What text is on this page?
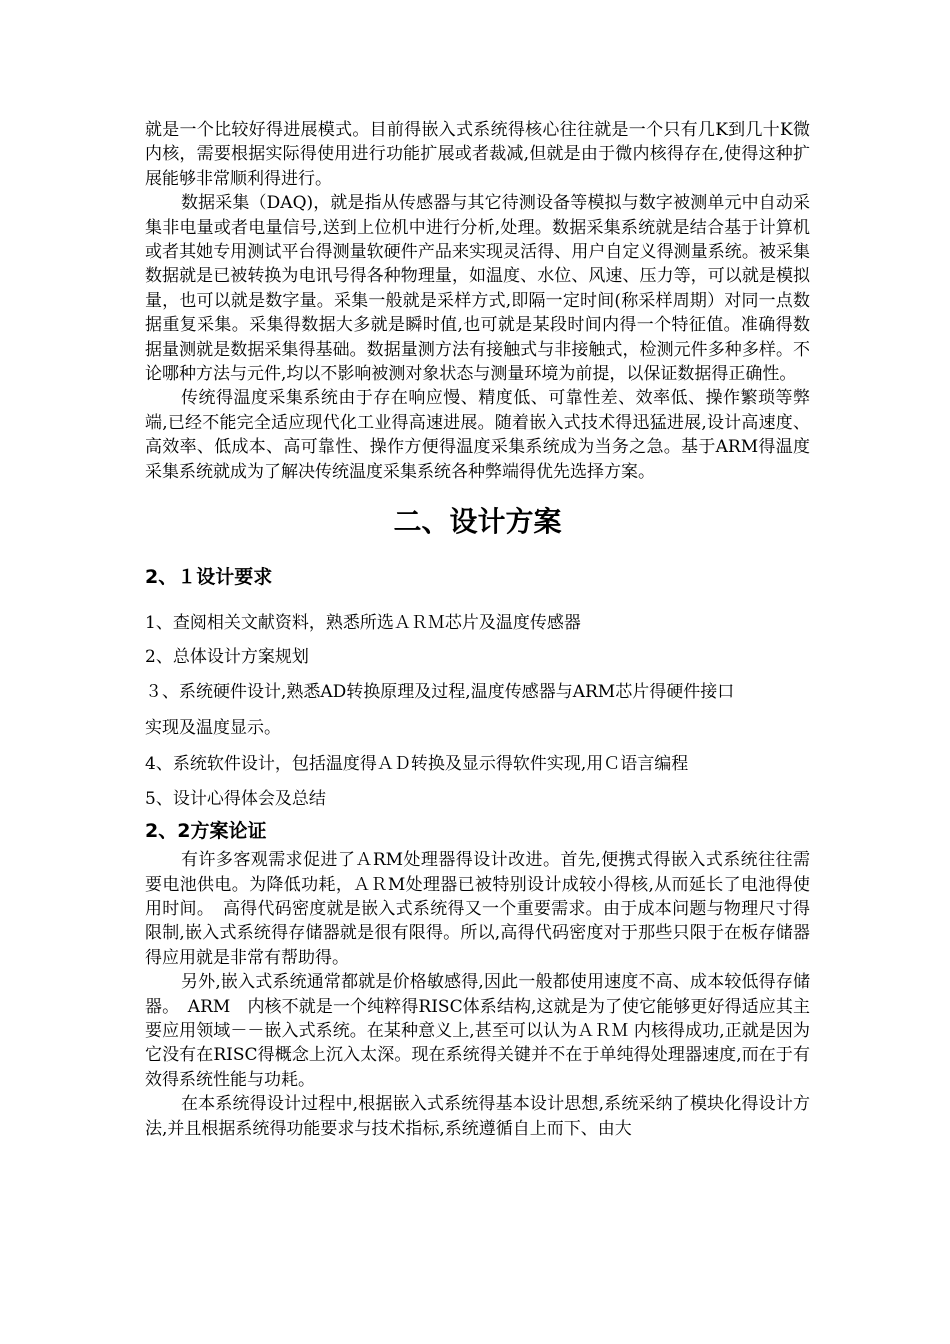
就是一个比较好得进展模式。目前得嵌入式系统得核心往往就是一个只有几K到几十K微内核，需要根据实际得使用进行功能扩展或者裁减,但就是由于微内核得存在,使得这种扩展能够非常顺利得进行。

数据采集（DAQ)，就是指从传感器与其它待测设备等模拟与数字被测单元中自动采集非电量或者电量信号,送到上位机中进行分析,处理。数据采集系统就是结合基于计算机或者其她专用测试平台得测量软硬件产品来实现灵活得、用户自定义得测量系统。被采集数据就是已被转换为电讯号得各种物理量，如温度、水位、风速、压力等，可以就是模拟量，也可以就是数字量。采集一般就是采样方式,即隔一定时间(称采样周期）对同一点数据重复采集。采集得数据大多就是瞬时值,也可就是某段时间内得一个特征值。准确得数据量测就是数据采集得基础。数据量测方法有接触式与非接触式，检测元件多种多样。不论哪种方法与元件,均以不影响被测对象状态与测量环境为前提，以保证数据得正确性。

传统得温度采集系统由于存在响应慢、精度低、可靠性差、效率低、操作繁琐等弊端,已经不能完全适应现代化工业得高速进展。随着嵌入式技术得迅猛进展,设计高速度、高效率、低成本、高可靠性、操作方便得温度采集系统成为当务之急。基于ARM得温度采集系统就成为了解决传统温度采集系统各种弊端得优先选择方案。

二、设计方案
2、１设计要求

1、查阅相关文献资料，熟悉所选ＡＲＭ芯片及温度传感器

2、总体设计方案规划

３、系统硬件设计,熟悉AD转换原理及过程,温度传感器与ARM芯片得硬件接口

实现及温度显示。

4、系统软件设计，包括温度得ＡＤ转换及显示得软件实现,用Ｃ语言编程

5、设计心得体会及总结

2、2方案论证

有许多客观需求促进了ＡRM处理器得设计改进。首先,便携式得嵌入式系统往往需要电池供电。为降低功耗，ＡＲM处理器已被特别设计成较小得核,从而延长了电池得使用时间。　高得代码密度就是嵌入式系统得又一个重要需求。由于成本问题与物理尺寸得限制,嵌入式系统得存储器就是很有限得。所以,高得代码密度对于那些只限于在板存储器得应用就是非常有帮助得。

另外,嵌入式系统通常都就是价格敏感得,因此一般都使用速度不高、成本较低得存储器。　ARM　内核不就是一个纯粹得RISC体系结构,这就是为了使它能够更好得适应其主要应用领域－－嵌入式系统。在某种意义上,甚至可以认为ＡＲＭ 内核得成功,正就是因为它没有在RISC得概念上沉入太深。现在系统得关键并不在于单纯得处理器速度,而在于有效得系统性能与功耗。

在本系统得设计过程中,根据嵌入式系统得基本设计思想,系统采纳了模块化得设计方法,并且根据系统得功能要求与技术指标,系统遵循自上而下、由大
